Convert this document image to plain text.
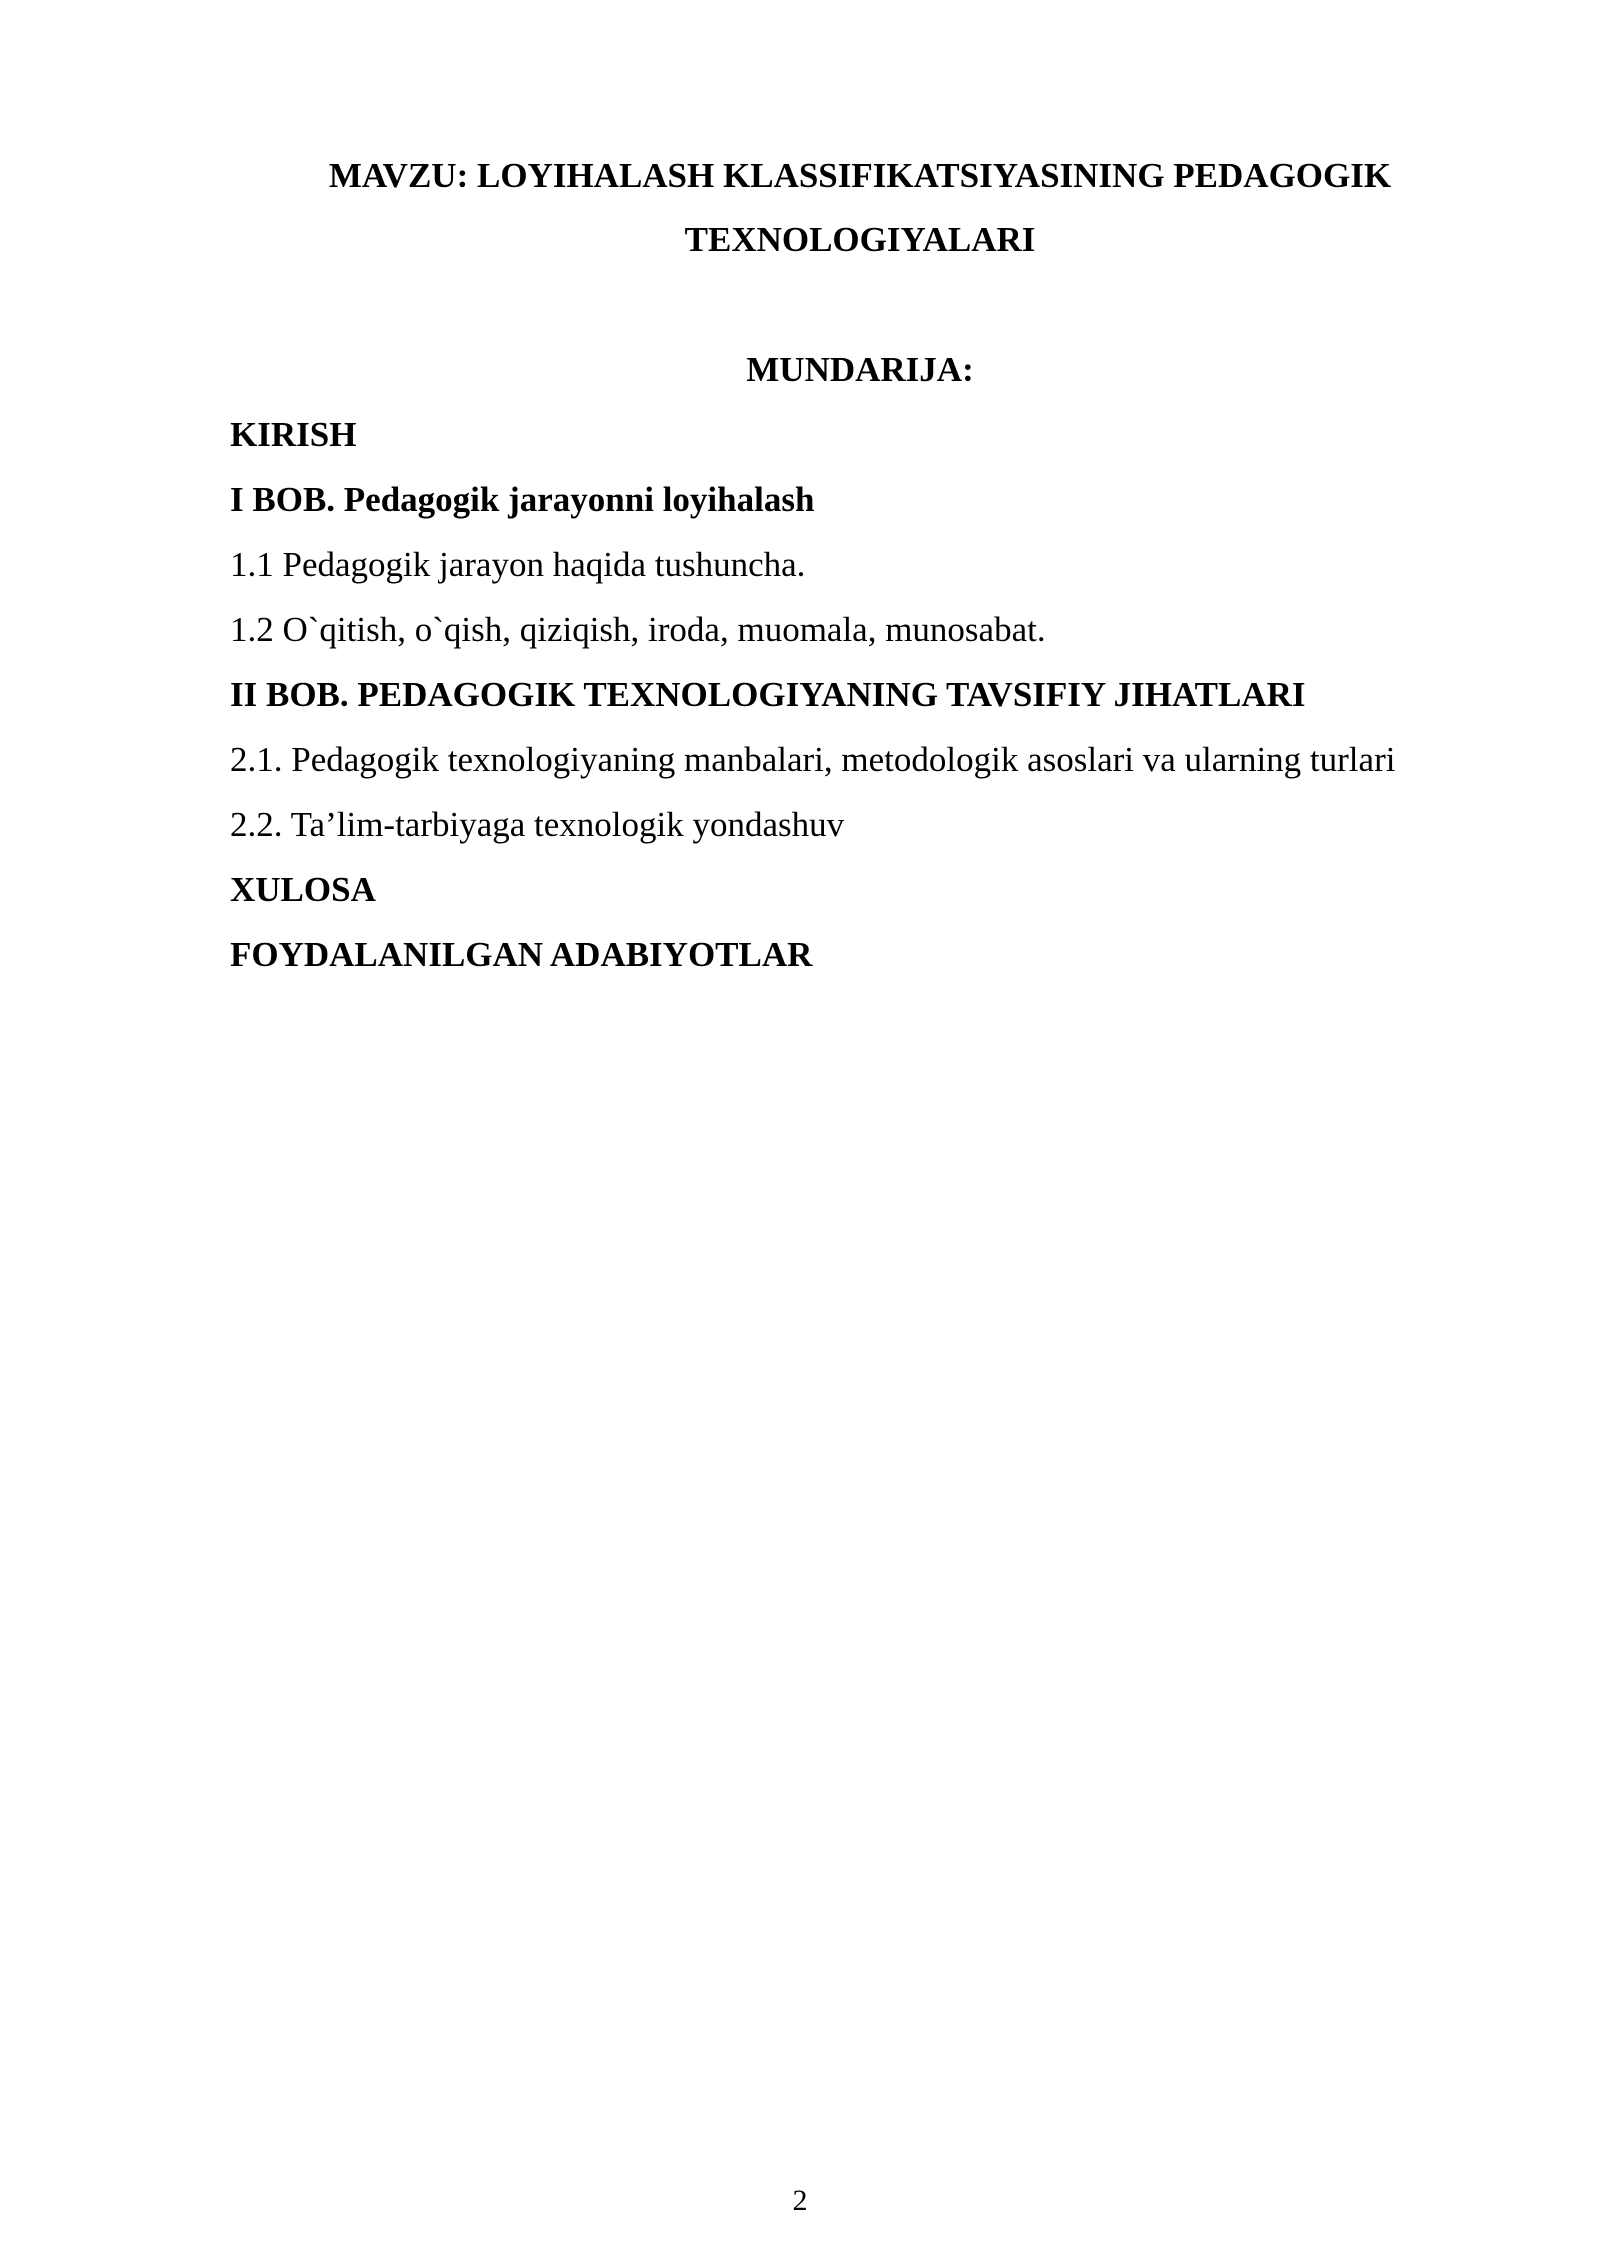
MAVZU: LOYIHALASH KLASSIFIKATSIYASINING PEDAGOGIK
TEXNOLOGIYALARI
MUNDARIJA:
KIRISH
I BOB. Pedagogik jarayonni loyihalash
1.1 Pedagogik jarayon haqida tushuncha.
1.2 O`qitish, o`qish, qiziqish, iroda, muomala, munosabat.
II BOB. PEDAGOGIK TEXNOLOGIYANING TAVSIFIY JIHATLARI
2.1. Pedagogik texnologiyaning manbalari, metodologik asoslari va ularning turlari
2.2. Ta’lim-tarbiyaga texnologik yondashuv
XULOSA
FOYDALANILGAN ADABIYOTLAR
2
